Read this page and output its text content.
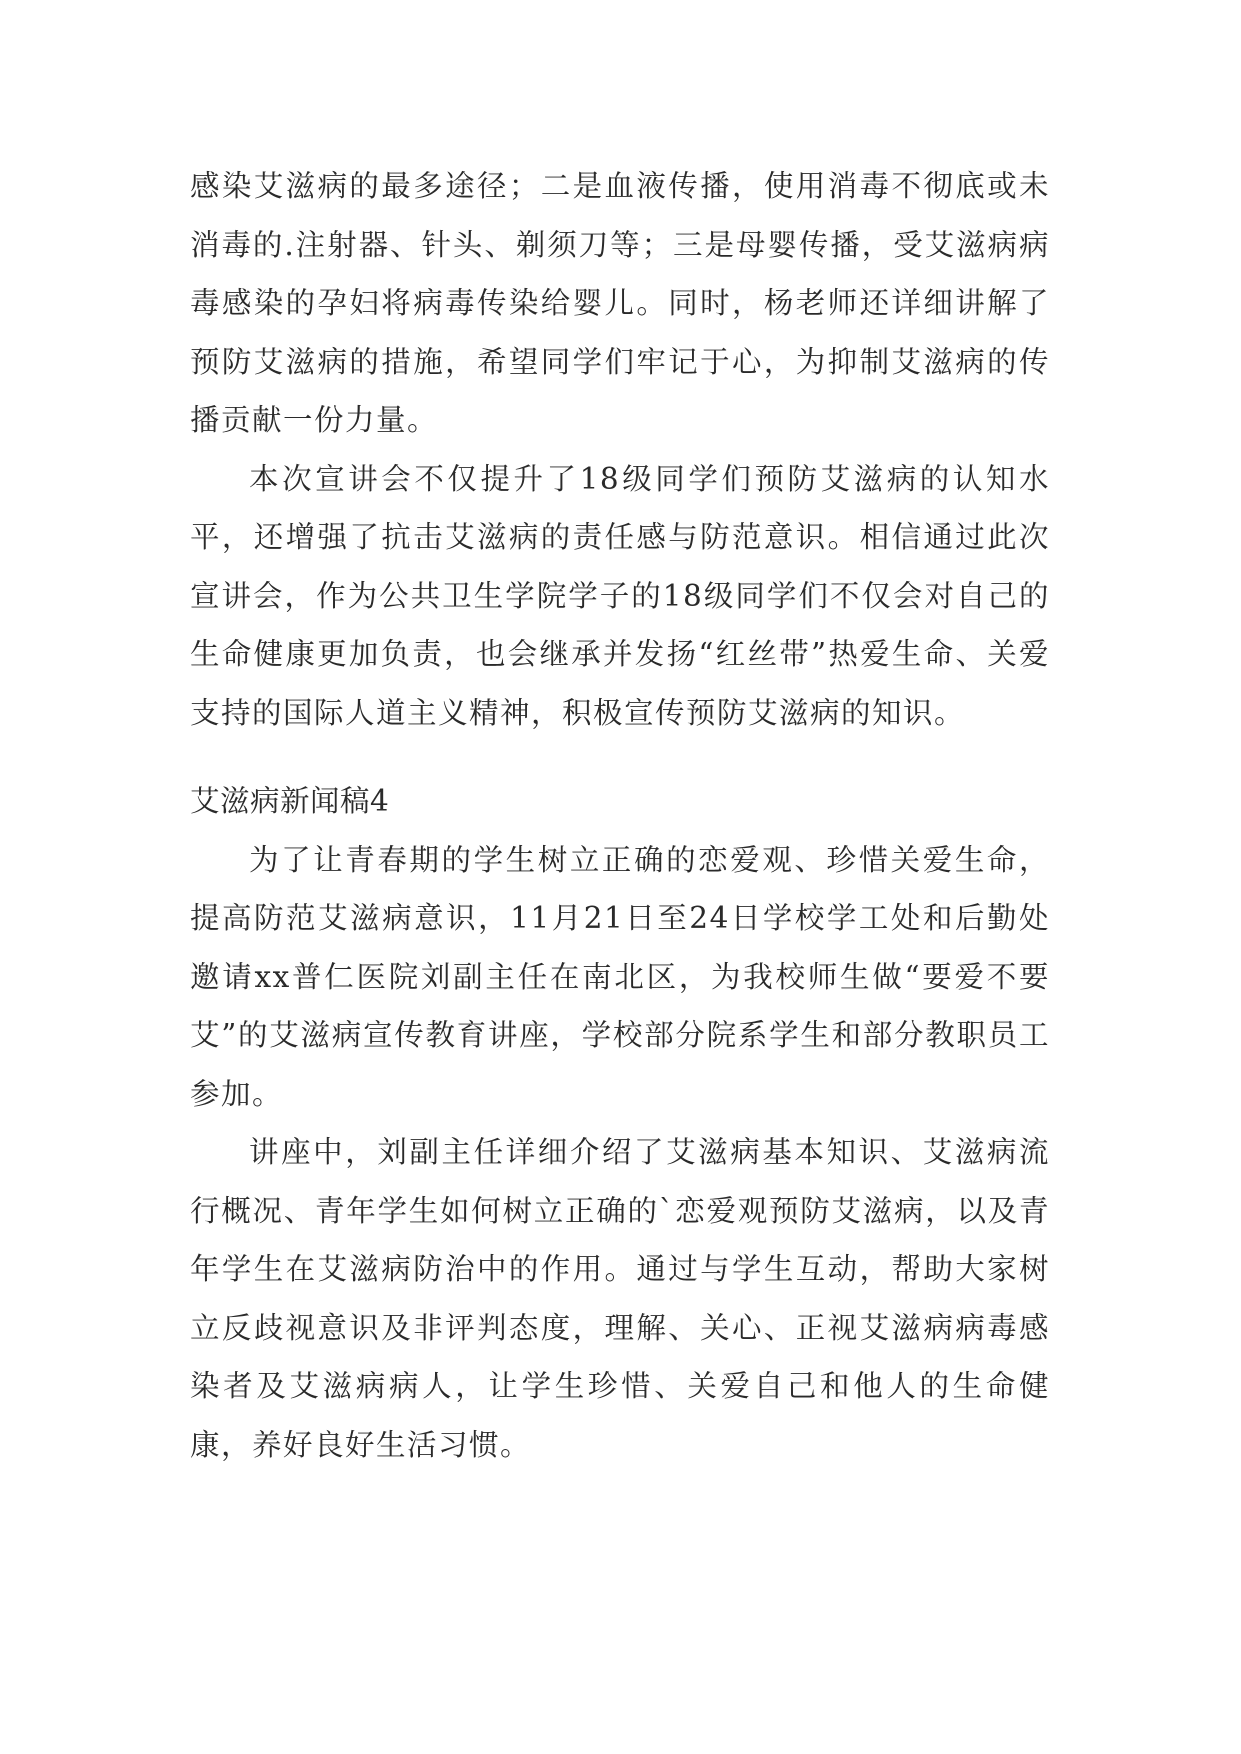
感染艾滋病的最多途径；二是血液传播，使用消毒不彻底或未消毒的.注射器、针头、剃须刀等；三是母婴传播，受艾滋病病毒感染的孕妇将病毒传染给婴儿。同时，杨老师还详细讲解了预防艾滋病的措施，希望同学们牢记于心，为抑制艾滋病的传播贡献一份力量。

本次宣讲会不仅提升了18级同学们预防艾滋病的认知水平，还增强了抗击艾滋病的责任感与防范意识。相信通过此次宣讲会，作为公共卫生学院学子的18级同学们不仅会对自己的生命健康更加负责，也会继承并发扬“红丝带”热爱生命、关爱支持的国际人道主义精神，积极宣传预防艾滋病的知识。

艾滋病新闻稿4

为了让青春期的学生树立正确的恋爱观、珍惜关爱生命，提高防范艾滋病意识，11月21日至24日学校学工处和后勤处邀请xx普仁医院刘副主任在南北区，为我校师生做“要爱不要艾”的艾滋病宣传教育讲座，学校部分院系学生和部分教职员工参加。

讲座中，刘副主任详细介绍了艾滋病基本知识、艾滋病流行概况、青年学生如何树立正确的`恋爱观预防艾滋病，以及青年学生在艾滋病防治中的作用。通过与学生互动，帮助大家树立反歧视意识及非评判态度，理解、关心、正视艾滋病病毒感染者及艾滋病病人，让学生珍惜、关爱自己和他人的生命健康，养好良好生活习惯。
